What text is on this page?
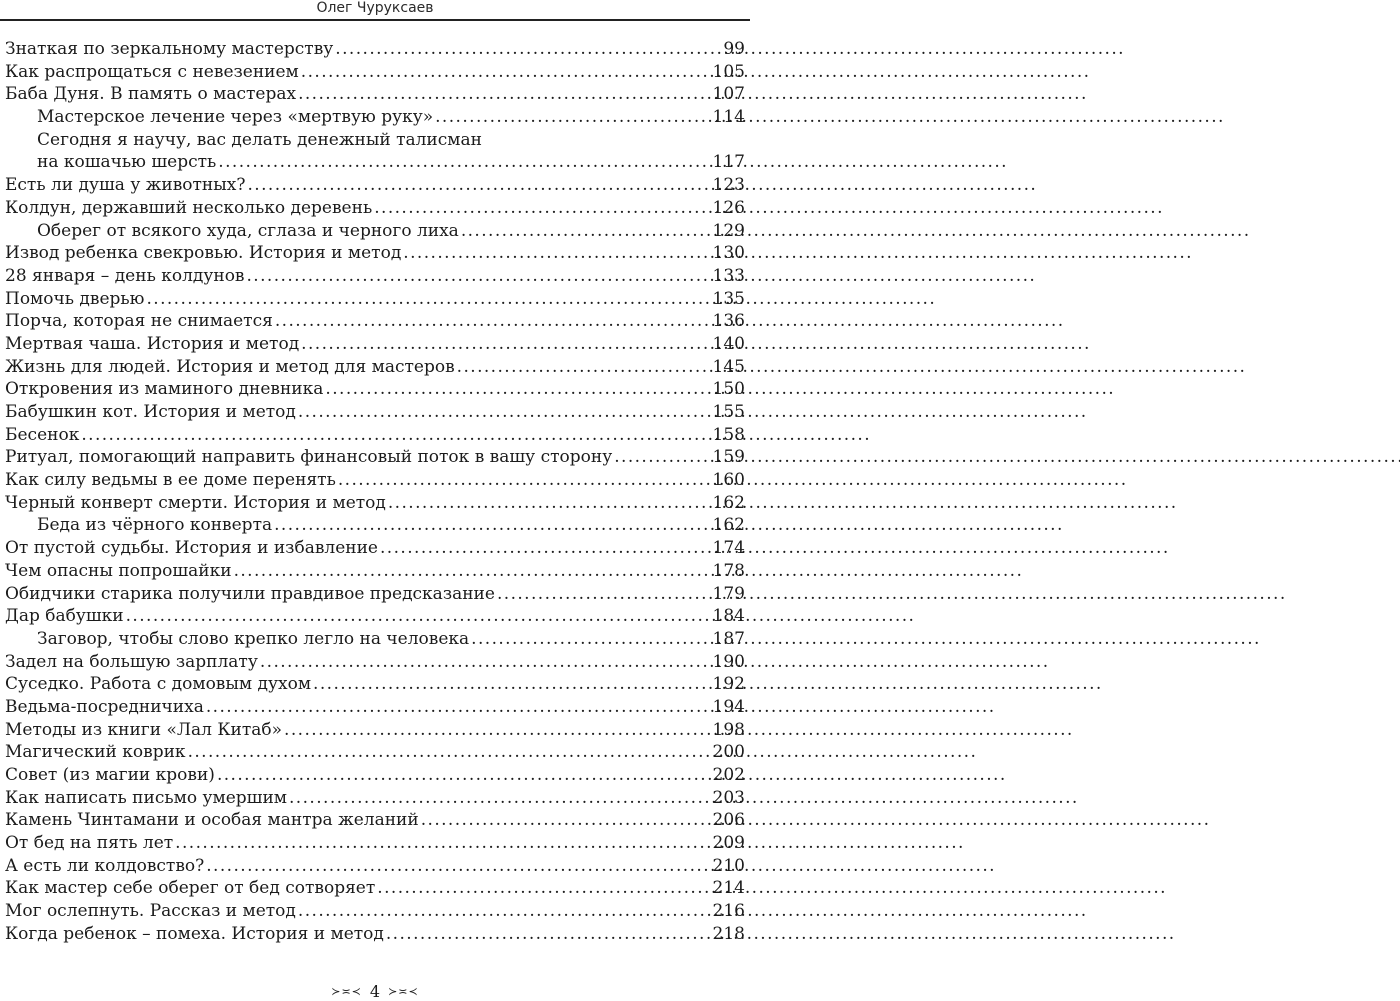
Олег Чуруксаев
Знаткая по зеркальному мастерству . . .	99
Как распрощаться с невезением . . .	105
Баба Дуня. В память о мастерах . . .	107
Мастерское лечение через «мертвую руку» . . .	114
Сегодня я научу, вас делать денежный талисман
на кошачью шерсть . . .	117
Есть ли душа у животных? . . .	123
Колдун, державший несколько деревень . . .	126
Оберег от всякого худа, сглаза и черного лиха . . .	129
Извод ребенка свекровью. История и метод . . .	130
28 января – день колдунов . . .	133
Помочь дверью . . .	135
Порча, которая не снимается . . .	136
Мертвая чаша. История и метод . . .	140
Жизнь для людей. История и метод для мастеров . . .	145
Откровения из маминого дневника . . .	150
Бабушкин кот. История и метод . . .	155
Бесенок . . .	158
Ритуал, помогающий направить финансовый поток в вашу сторону . . .	159
Как силу ведьмы в ее доме перенять . . .	160
Черный конверт смерти. История и метод . . .	162
Беда из чёрного конверта . . .	162
От пустой судьбы. История и избавление . . .	174
Чем опасны попрошайки . . .	178
Обидчики старика получили правдивое предсказание . . .	179
Дар бабушки . . .	184
Заговор, чтобы слово крепко легло на человека . . .	187
Задел на большую зарплату . . .	190
Суседко. Работа с домовым духом . . .	192
Ведьма-посредничиха . . .	194
Методы из книги «Лал Китаб» . . .	198
Магический коврик . . .	200
Совет (из магии крови) . . .	202
Как написать письмо умершим . . .	203
Камень Чинтамани и особая мантра желаний . . .	206
От бед на пять лет . . .	209
А есть ли колдовство? . . .	210
Как мастер себе оберег от бед сотворяет . . .	214
Мог ослепнуть. Рассказ и метод . . .	216
Когда ребенок – помеха. История и метод . . .	218
≻≍≺ 4 ≻≍≺
